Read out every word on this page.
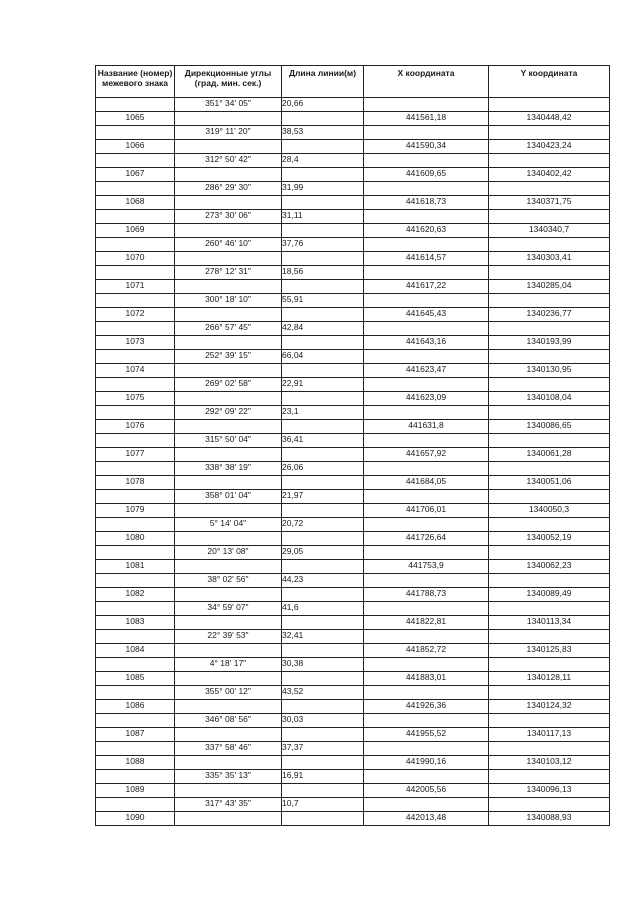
Название (номер) межевого знака	Дирекционные углы (град. мин. сек.)	Длина линии(м)	X координата	Y координата
	351° 34' 05"	20,66		
1065			441561,18	1340448,42
	319° 11' 20"	38,53		
1066			441590,34	1340423,24
	312° 50' 42"	28,4		
1067			441609,65	1340402,42
	286° 29' 30"	31,99		
1068			441618,73	1340371,75
	273° 30' 06"	31,11		
1069			441620,63	1340340,7
	260° 46' 10"	37,76		
1070			441614,57	1340303,41
	278° 12' 31"	18,56		
1071			441617,22	1340285,04
	300° 18' 10"	55,91		
1072			441645,43	1340236,77
	266° 57' 45"	42,84		
1073			441643,16	1340193,99
	252° 39' 15"	66,04		
1074			441623,47	1340130,95
	269° 02' 58"	22,91		
1075			441623,09	1340108,04
	292° 09' 22"	23,1		
1076			441631,8	1340086,65
	315° 50' 04"	36,41		
1077			441657,92	1340061,28
	338° 38' 19"	26,06		
1078			441684,05	1340051,06
	358° 01' 04"	21,97		
1079			441706,01	1340050,3
	5° 14' 04"	20,72		
1080			441726,64	1340052,19
	20° 13' 08"	29,05		
1081			441753,9	1340062,23
	38° 02' 56"	44,23		
1082			441788,73	1340089,49
	34° 59' 07"	41,6		
1083			441822,81	1340113,34
	22° 39' 53"	32,41		
1084			441852,72	1340125,83
	4° 18' 17"	30,38		
1085			441883,01	1340128,11
	355° 00' 12"	43,52		
1086			441926,36	1340124,32
	346° 08' 56"	30,03		
1087			441955,52	1340117,13
	337° 58' 46"	37,37		
1088			441990,16	1340103,12
	335° 35' 13"	16,91		
1089			442005,56	1340096,13
	317° 43' 35"	10,7		
1090			442013,48	1340088,93
